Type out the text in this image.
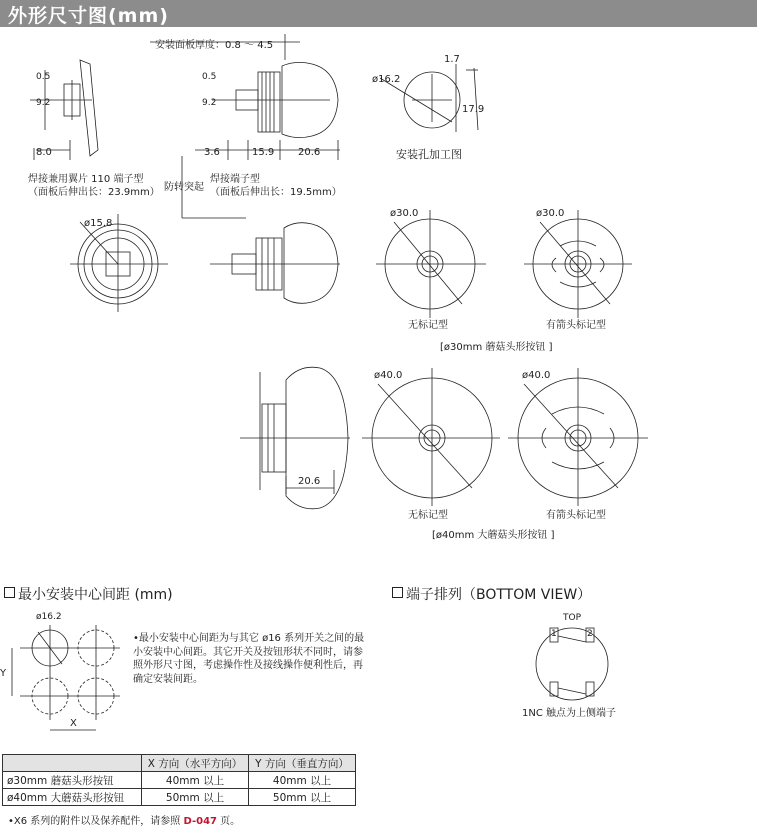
外形尺寸图(mm)
安装面板厚度：0.8 ～ 4.5
0.5
9.2
8.0
0.5
9.2
3.6	15.9 20.6
1.7
ø16.2
17.9
ø15.8
ø30.0	ø30.0
ø40.0	ø40.0
20.6
焊接兼用翼片 110 端子型
（面板后伸出长：23.9mm） 防转突起
焊接端子型
（面板后伸出长：19.5mm）
安装孔加工图
无标记型	有箭头标记型
[ø30mm 蘑菇头形按钮 ]
无标记型	有箭头标记型
[ø40mm 大蘑菇头形按钮 ]
最小安装中心间距 (mm)
ø16.2
Y
X
•最小安装中心间距为与其它 ø16 系列开关之间的最小安装中心间距。其它开关及按钮形状不同时，请参照外形尺寸图，考虑操作性及接线操作便利性后，再确定安装间距。
端子排列（BOTTOM VIEW）
TOP
1	2
1NC 触点为上侧端子
	X 方向（水平方向）	Y 方向（垂直方向）
ø30mm 蘑菇头形按钮	40mm 以上	40mm 以上
ø40mm 大蘑菇头形按钮	50mm 以上	50mm 以上
•X6 系列的附件以及保养配件，请参照 D-047 页。
